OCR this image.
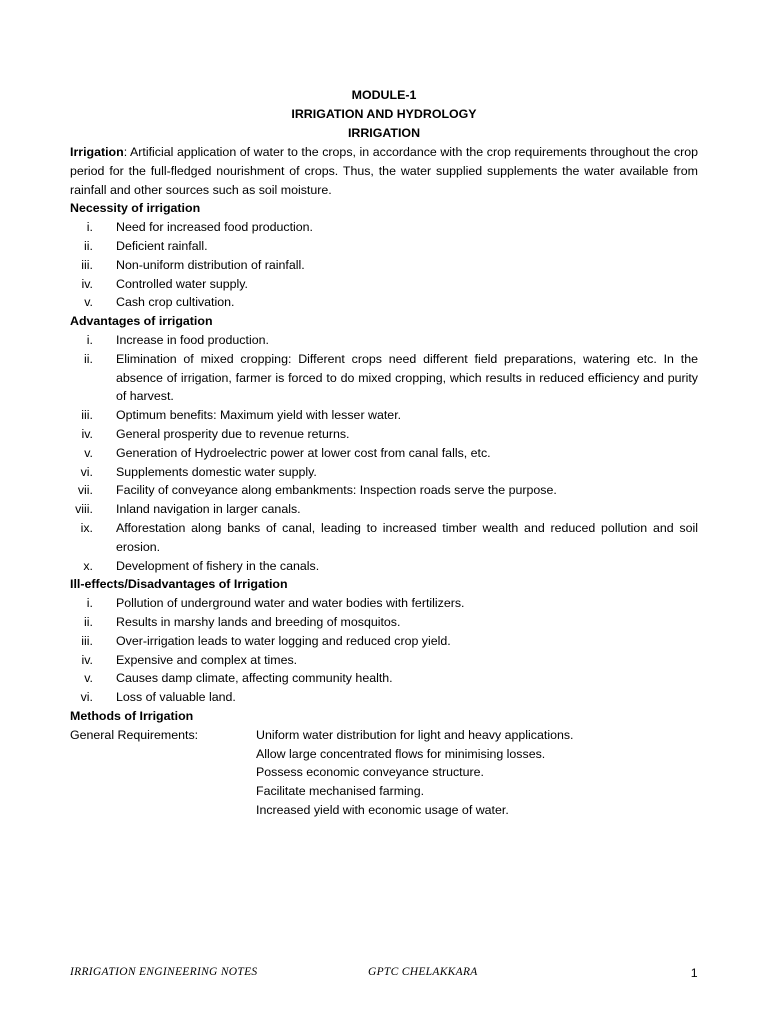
MODULE-1
IRRIGATION AND HYDROLOGY
IRRIGATION
Irrigation: Artificial application of water to the crops, in accordance with the crop requirements throughout the crop period for the full-fledged nourishment of crops. Thus, the water supplied supplements the water available from rainfall and other sources such as soil moisture.
Necessity of irrigation
i. Need for increased food production.
ii. Deficient rainfall.
iii. Non-uniform distribution of rainfall.
iv. Controlled water supply.
v. Cash crop cultivation.
Advantages of irrigation
i. Increase in food production.
ii. Elimination of mixed cropping: Different crops need different field preparations, watering etc. In the absence of irrigation, farmer is forced to do mixed cropping, which results in reduced efficiency and purity of harvest.
iii. Optimum benefits: Maximum yield with lesser water.
iv. General prosperity due to revenue returns.
v. Generation of Hydroelectric power at lower cost from canal falls, etc.
vi. Supplements domestic water supply.
vii. Facility of conveyance along embankments: Inspection roads serve the purpose.
viii. Inland navigation in larger canals.
ix. Afforestation along banks of canal, leading to increased timber wealth and reduced pollution and soil erosion.
x. Development of fishery in the canals.
Ill-effects/Disadvantages of Irrigation
i. Pollution of underground water and water bodies with fertilizers.
ii. Results in marshy lands and breeding of mosquitos.
iii. Over-irrigation leads to water logging and reduced crop yield.
iv. Expensive and complex at times.
v. Causes damp climate, affecting community health.
vi. Loss of valuable land.
Methods of Irrigation
General Requirements:	Uniform water distribution for light and heavy applications.
Allow large concentrated flows for minimising losses.
Possess economic conveyance structure.
Facilitate mechanised farming.
Increased yield with economic usage of water.
IRRIGATION ENGINEERING NOTES	GPTC CHELAKKARA	1
